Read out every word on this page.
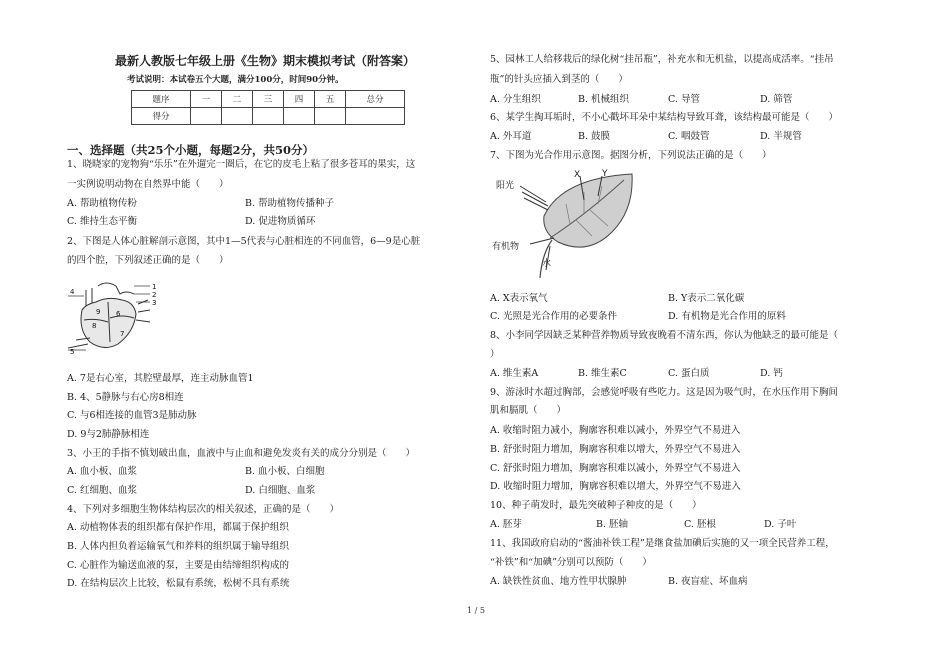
最新人教版七年级上册《生物》期末模拟考试（附答案）
考试说明：本试卷五个大题，满分100分，时间90分钟。
题序	一	二	三	四	五	总分
得分						
一、选择题（共25个小题，每题2分，共50分）
1、晓晓家的宠物狗“乐乐”在外遛完一圈后，在它的皮毛上粘了很多苍耳的果实，这
一实例说明动物在自然界中能（　　）
A. 帮助植物传粉	B. 帮助植物传播种子
C. 维持生态平衡	D. 促进物质循环
2、下图是人体心脏解剖示意图，其中1—5代表与心脏相连的不同血管，6—9是心脏
的四个腔，下列叙述正确的是（　　）
1
2
3
4
5
6
7
8
9
A. 7是右心室，其腔壁最厚，连主动脉血管1
B. 4、5静脉与右心房8相连
C. 与6相连接的血管3是肺动脉
D. 9与2肺静脉相连
3、小王的手指不慎划破出血，血液中与止血和避免发炎有关的成分分别是（　　）
A. 血小板、血浆	B. 血小板、白细胞
C. 红细胞、血浆	D. 白细胞、血浆
4、下列对多细胞生物体结构层次的相关叙述，正确的是（　　）
A. 动植物体表的组织都有保护作用，都属于保护组织
B. 人体内担负着运输氧气和养料的组织属于输导组织
C. 心脏作为输送血液的泵，主要是由结缔组织构成的
D. 在结构层次上比较，松鼠有系统，松树不具有系统
5、园林工人给移栽后的绿化树“挂吊瓶”，补充水和无机盐，以提高成活率。“挂吊
瓶”的针头应插入到茎的（　　）
A. 分生组织	B. 机械组织	C. 导管	D. 筛管
6、某学生掏耳垢时，不小心戳坏耳朵中某结构导致耳聋，该结构最可能是（　　）
A. 外耳道	B. 鼓膜	C. 咽鼓管	D. 半规管
7、下图为光合作用示意图。据图分析，下列说法正确的是（　　）
阳光
X Y
有机物
水
A. X表示氧气	B. Y表示二氧化碳
C. 光照是光合作用的必要条件	D. 有机物是光合作用的原料
8、小李同学因缺乏某种营养物质导致夜晚看不清东西，你认为他缺乏的最可能是（
）
A. 维生素A	B. 维生素C	C. 蛋白质	D. 钙
9、游泳时水超过胸部，会感觉呼吸有些吃力。这是因为吸气时，在水压作用下胸间
肌和膈肌（　　）
A. 收缩时阻力减小，胸廓容积难以减小，外界空气不易进入
B. 舒张时阻力增加，胸廓容积难以增大，外界空气不易进入
C. 舒张时阻力增加，胸廓容积难以减小，外界空气不易进入
D. 收缩时阻力增加，胸廓容积难以增大，外界空气不易进入
10、种子萌发时，最先突破种子种皮的是（　　）
A. 胚芽	B. 胚轴	C. 胚根	D. 子叶
11、我国政府启动的“酱油补铁工程”是继食盐加碘后实施的又一项全民营养工程，
“补铁”和“加碘”分别可以预防（　　）
A. 缺铁性贫血、地方性甲状腺肿	B. 夜盲症、坏血病
1 / 5
